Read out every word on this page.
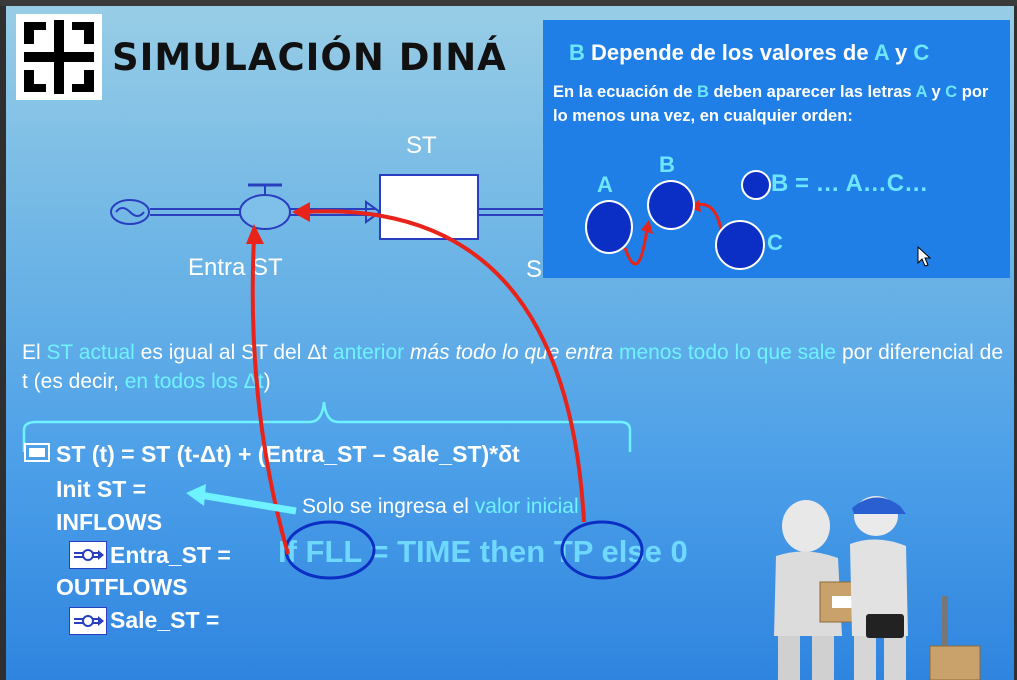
SIMULACIÓN DINÁ
ST
Entra ST	S
El ST actual es igual al ST del Δt anterior más todo lo que entra menos todo lo que sale por diferencial de t (es decir, en todos los Δt)
ST (t) = ST (t-Δt) + (Entra_ST – Sale_ST)*δt
Init ST =
INFLOWS
Entra_ST = If FLL = TIME then TP else 0
OUTFLOWS
Sale_ST =
Solo se ingresa el valor inicial
B Depende de los valores de A y C
En la ecuación de B deben aparecer las letras A y C por lo menos una vez, en cualquier orden:
A
B
C
B = … A…C…
